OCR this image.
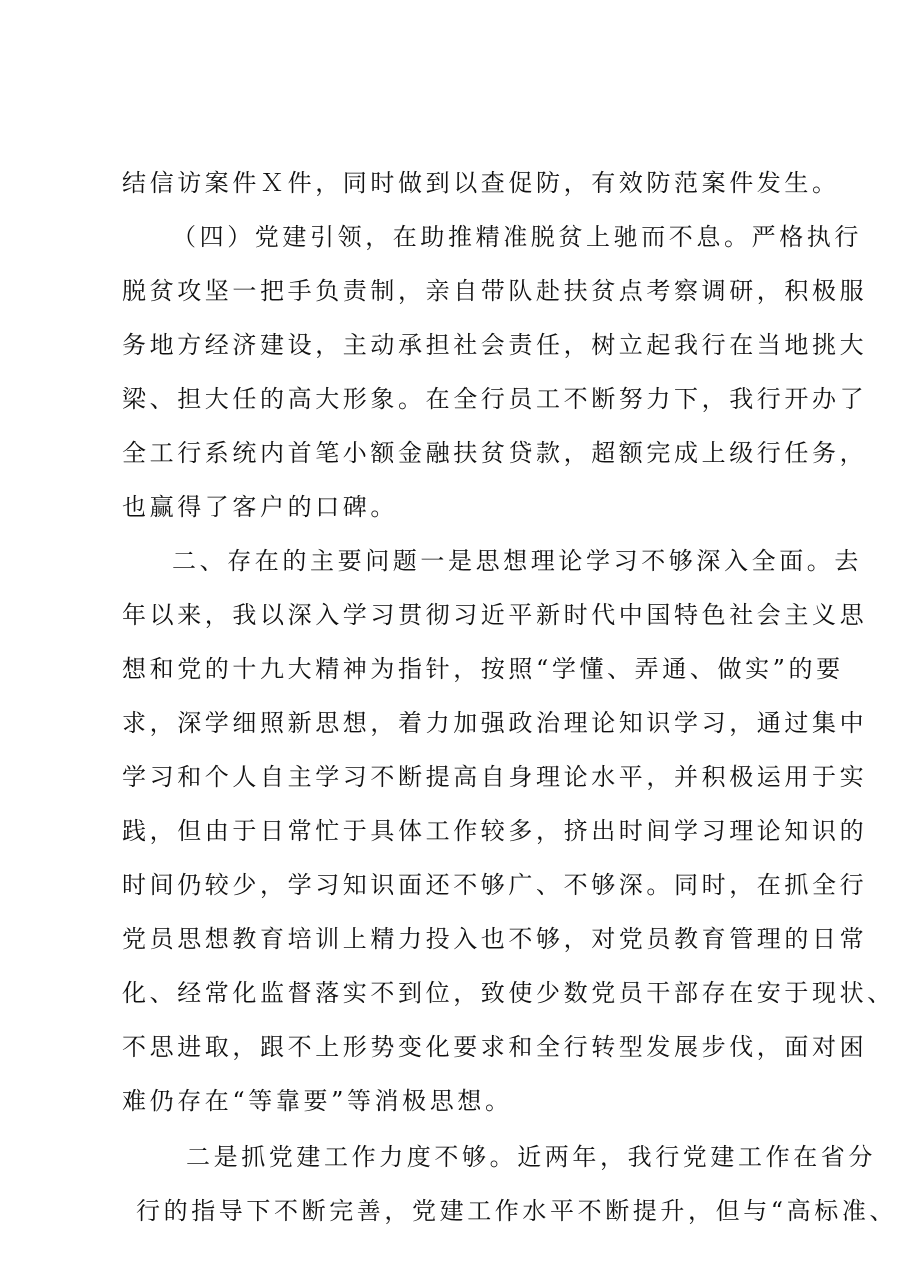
结信访案件Ｘ件，同时做到以查促防，有效防范案件发生。
（四）党建引领，在助推精准脱贫上驰而不息。严格执行
脱贫攻坚一把手负责制，亲自带队赴扶贫点考察调研，积极服
务地方经济建设，主动承担社会责任，树立起我行在当地挑大
梁、担大任的高大形象。在全行员工不断努力下，我行开办了
全工行系统内首笔小额金融扶贫贷款，超额完成上级行任务，
也赢得了客户的口碑。
二、存在的主要问题一是思想理论学习不够深入全面。去
年以来，我以深入学习贯彻习近平新时代中国特色社会主义思
想和党的十九大精神为指针，按照“学懂、弄通、做实”的要
求，深学细照新思想，着力加强政治理论知识学习，通过集中
学习和个人自主学习不断提高自身理论水平，并积极运用于实
践，但由于日常忙于具体工作较多，挤出时间学习理论知识的
时间仍较少，学习知识面还不够广、不够深。同时，在抓全行
党员思想教育培训上精力投入也不够，对党员教育管理的日常
化、经常化监督落实不到位，致使少数党员干部存在安于现状、
不思进取，跟不上形势变化要求和全行转型发展步伐，面对困
难仍存在“等靠要”等消极思想。
二是抓党建工作力度不够。近两年，我行党建工作在省分
行的指导下不断完善，党建工作水平不断提升，但与“高标准、
